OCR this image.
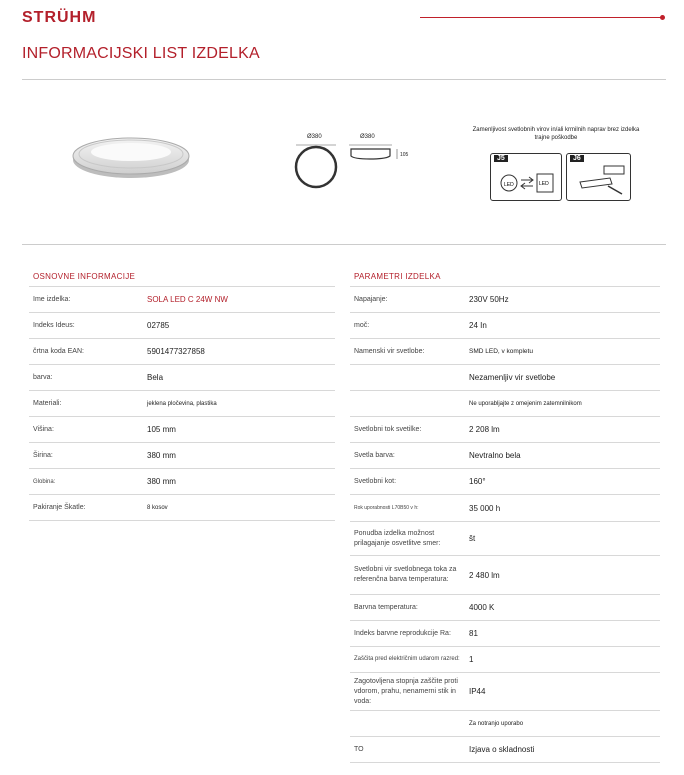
STRÜHM
INFORMACIJSKI LIST IZDELKA
Ø380	Ø380
105
Zamenljivost svetlobnih virov in/ali krmilnih naprav brez izdelka trajne poškodbe
J5
LED	LED
J6
OSNOVNE INFORMACIJE
Ime izdelka:	SOLA LED C 24W NW
Indeks Ideus:	02785
črtna koda EAN:	5901477327858
barva:	Bela
Materiali:	jeklena pločevina, plastika
Višina:	105 mm
Širina:	380 mm
Globina:	380 mm
Pakiranje Škatle:	8 kosov
PARAMETRI IZDELKA
Napajanje:	230V 50Hz
moč:	24 In
Namenski vir svetlobe:	SMD LED, v kompletu
	Nezamenljiv vir svetlobe
	Ne uporabljajte z omejenim zatemnilnikom
Svetlobni tok svetilke:	2 208 lm
Svetla barva:	Nevtralno bela
Svetlobni kot:	160°
Rok uporabnosti L70B50 v h:	35 000 h
Ponudba izdelka možnost prilagajanje osvetlitve smer:	št
Svetlobni vir svetlobnega toka za referenčna barva temperatura:	2 480 lm
Barvna temperatura:	4000 K
Indeks barvne reprodukcije Ra:	81
Zaščita pred električnim udarom razred:	1
Zagotovljena stopnja zaščite proti vdorom, prahu, nenamerni stik in voda:	IP44
	Za notranjo uporabo
TO	Izjava o skladnosti
